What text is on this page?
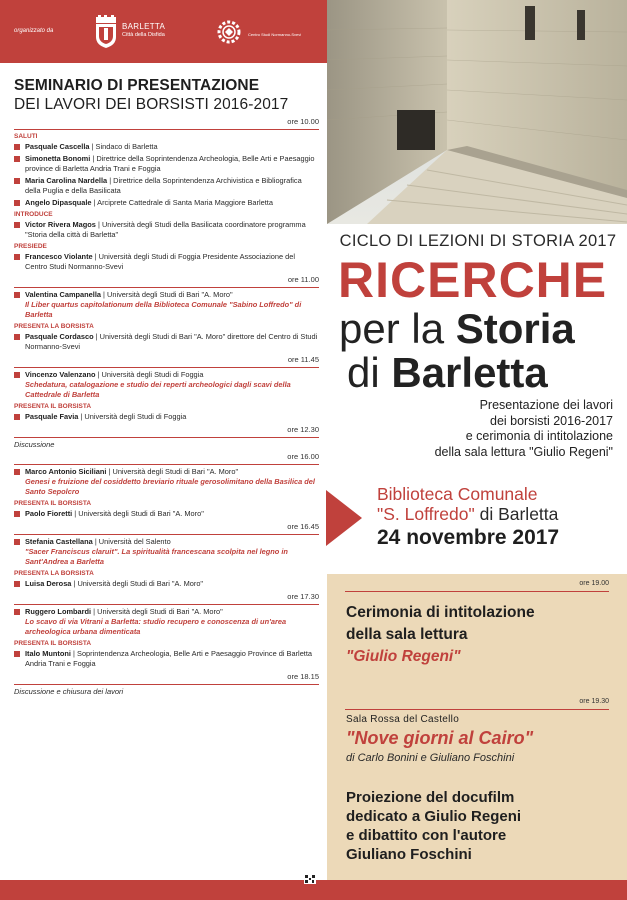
organizzato da	BARLETTA
Città della Disfida	Centro Studi Normanno-Svevi
SEMINARIO DI PRESENTAZIONE
DEI LAVORI DEI BORSISTI 2016-2017
ore 10.00
SALUTI
Pasquale Cascella | Sindaco di Barletta
Simonetta Bonomi | Direttrice della Soprintendenza Archeologia, Belle Arti e Paesaggio province di Barletta Andria Trani e Foggia
Maria Carolina Nardella | Direttrice della Soprintendenza Archivistica e Bibliografica della Puglia e della Basilicata
Angelo Dipasquale | Arciprete Cattedrale di Santa Maria Maggiore Barletta
INTRODUCE
Victor Rivera Magos | Università degli Studi della Basilicata coordinatore programma "Storia della città di Barletta"
PRESIEDE
Francesco Violante | Università degli Studi di Foggia Presidente Associazione del Centro Studi Normanno-Svevi
ore 11.00
Valentina Campanella | Università degli Studi di Bari "A. Moro"
Il Liber quartus capitolationum della Biblioteca Comunale "Sabino Loffredo" di Barletta
PRESENTA LA BORSISTA
Pasquale Cordasco | Università degli Studi di Bari "A. Moro" direttore del Centro di Studi Normanno-Svevi
ore 11.45
Vincenzo Valenzano | Università degli Studi di Foggia
Schedatura, catalogazione e studio dei reperti archeologici dagli scavi della Cattedrale di Barletta
PRESENTA IL BORSISTA
Pasquale Favia | Università degli Studi di Foggia
ore 12.30
Discussione
ore 16.00
Marco Antonio Siciliani | Università degli Studi di Bari "A. Moro"
Genesi e fruizione del cosiddetto breviario rituale gerosolimitano della Basilica del Santo Sepolcro
PRESENTA IL BORSISTA
Paolo Fioretti | Università degli Studi di Bari "A. Moro"
ore 16.45
Stefania Castellana | Università del Salento
"Sacer Franciscus claruit". La spiritualità francescana scolpita nel legno in Sant'Andrea a Barletta
PRESENTA LA BORSISTA
Luisa Derosa | Università degli Studi di Bari "A. Moro"
ore 17.30
Ruggero Lombardi | Università degli Studi di Bari "A. Moro"
Lo scavo di via Vitrani a Barletta: studio recupero e conoscenza di un'area archeologica urbana dimenticata
PRESENTA IL BORSISTA
Italo Muntoni | Soprintendenza Archeologia, Belle Arti e Paesaggio Province di Barletta Andria Trani e Foggia
ore 18.15
Discussione e chiusura dei lavori
CICLO DI LEZIONI DI STORIA 2017
RICERCHE
per la Storia
di Barletta
Presentazione dei lavori
dei borsisti 2016-2017
e cerimonia di intitolazione
della sala lettura "Giulio Regeni"
Biblioteca Comunale
"S. Loffredo" di Barletta
24 novembre 2017
ore 19.00
ore 19.30
Cerimonia di intitolazione
della sala lettura
"Giulio Regeni"
Sala Rossa del Castello
"Nove giorni al Cairo"
di Carlo Bonini e Giuliano Foschini
Proiezione del docufilm
dedicato a Giulio Regeni
e dibattito con l'autore
Giuliano Foschini
